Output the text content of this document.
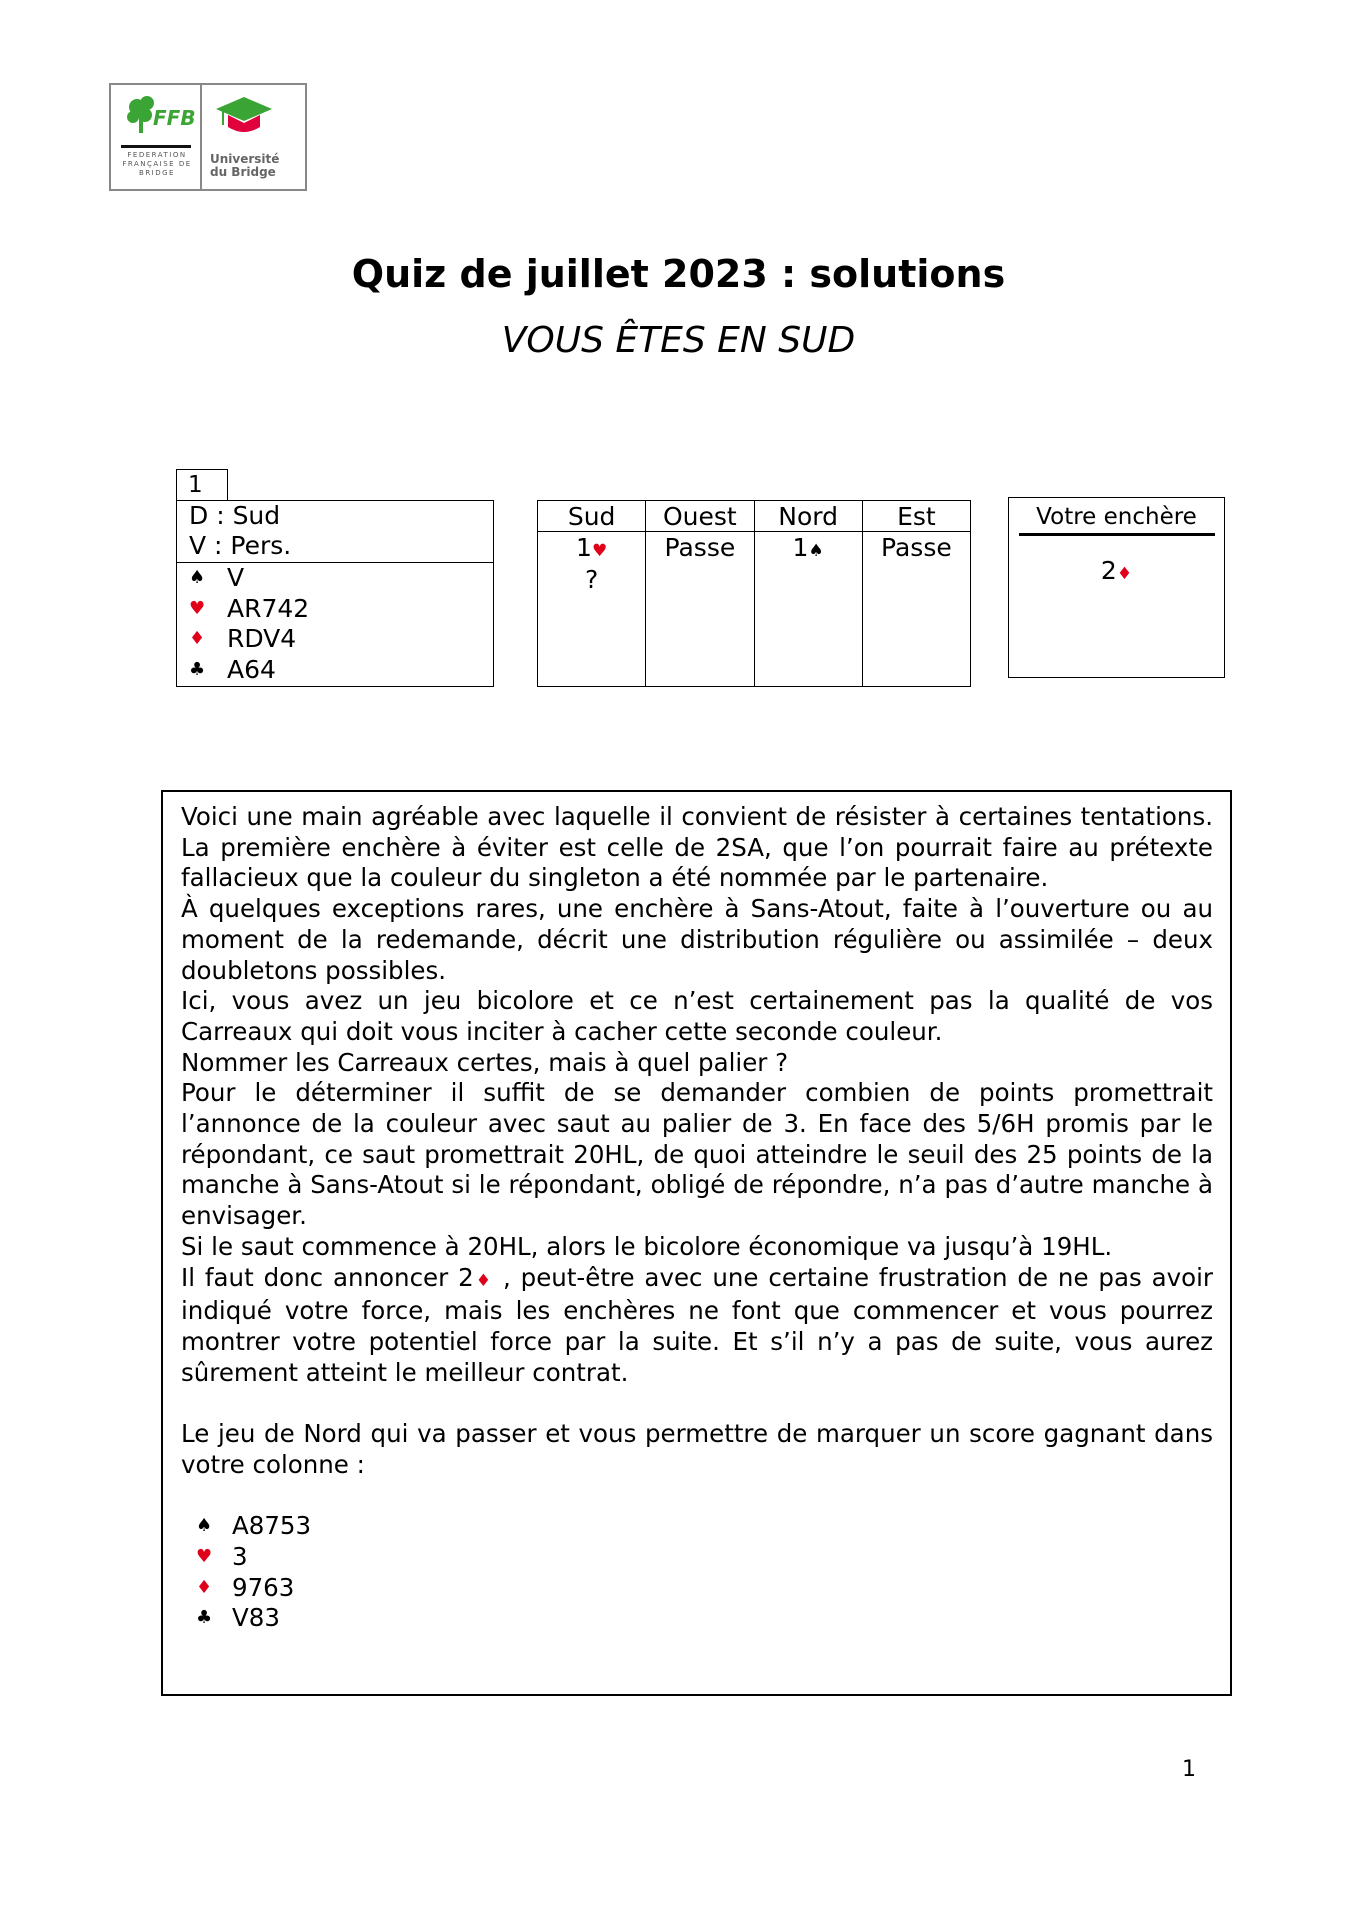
FFB
FEDERATION FRANÇAISE DE BRIDGE
Université
du Bridge
Quiz de juillet 2023 : solutions
VOUS ÊTES EN SUD
1
D : Sud
V : Pers.
♠ V
♥ AR742
♦ RDV4
♣ A64
Sud
1♥
?
Ouest
Passe
Nord
1♠
Est
Passe
Votre enchère
2♦

Voici une main agréable avec laquelle il convient de résister à certaines tentations. La première enchère à éviter est celle de 2SA, que l’on pourrait faire au prétexte fallacieux que la couleur du singleton a été nommée par le partenaire.

À quelques exceptions rares, une enchère à Sans-Atout, faite à l’ouverture ou au moment de la redemande, décrit une distribution régulière ou assimilée – deux doubletons possibles.

Ici, vous avez un jeu bicolore et ce n’est certainement pas la qualité de vos Carreaux qui doit vous inciter à cacher cette seconde couleur.

Nommer les Carreaux certes, mais à quel palier ?

Pour le déterminer il suffit de se demander combien de points promettrait l’annonce de la couleur avec saut au palier de 3. En face des 5/6H promis par le répondant, ce saut promettrait 20HL, de quoi atteindre le seuil des 25 points de la manche à Sans-Atout si le répondant, obligé de répondre, n’a pas d’autre manche à envisager.

Si le saut commence à 20HL, alors le bicolore économique va jusqu’à 19HL.

Il faut donc annoncer 2♦ , peut-être avec une certaine frustration de ne pas avoir indiqué votre force, mais les enchères ne font que commencer et vous pourrez montrer votre potentiel force par la suite. Et s’il n’y a pas de suite, vous aurez sûrement atteint le meilleur contrat.

Le jeu de Nord qui va passer et vous permettre de marquer un score gagnant dans votre colonne :

♠ A8753
♥ 3
♦ 9763
♣ V83
1
